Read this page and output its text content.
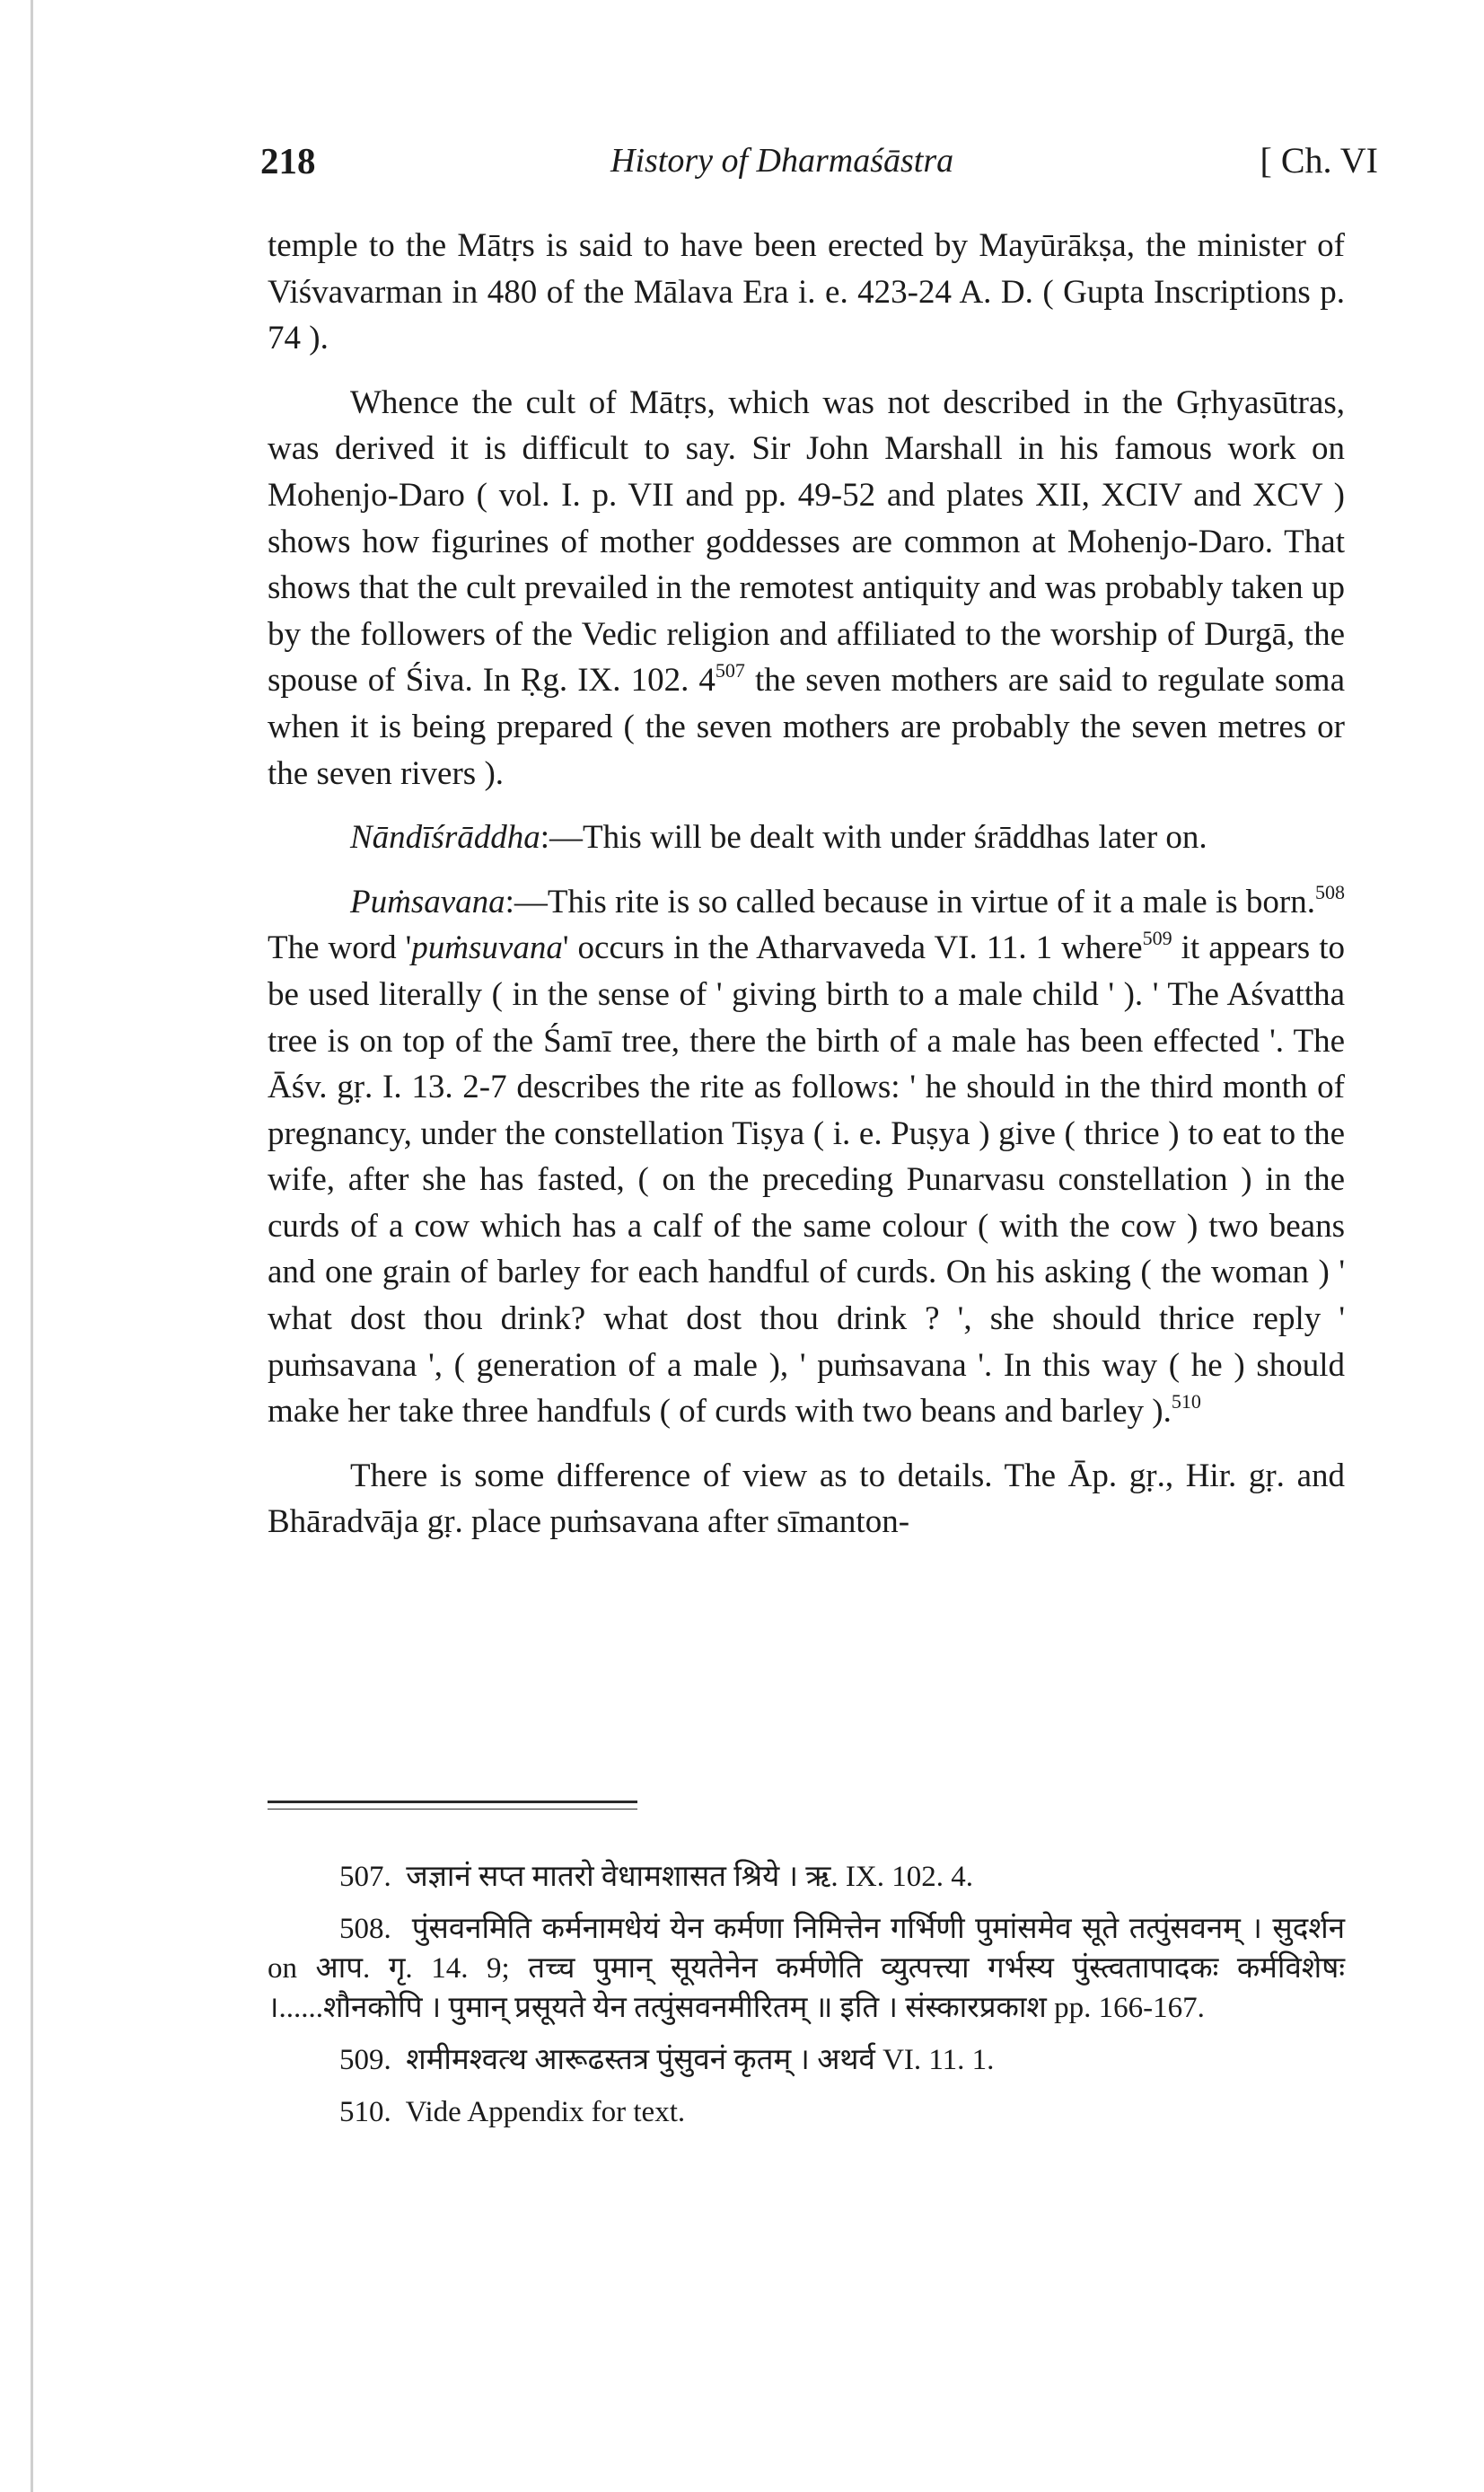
218	History of Dharmaśāstra	[ Ch. VI

temple to the Mātṛs is said to have been erected by Mayūrākṣa, the minister of Viśvavarman in 480 of the Mālava Era i. e. 423-24 A. D. ( Gupta Inscriptions p. 74 ).

Whence the cult of Mātṛs, which was not described in the Gṛhyasūtras, was derived it is difficult to say. Sir John Marshall in his famous work on Mohenjo-Daro ( vol. I. p. VII and pp. 49-52 and plates XII, XCIV and XCV ) shows how figurines of mother goddesses are common at Mohenjo-Daro. That shows that the cult prevailed in the remotest antiquity and was probably taken up by the followers of the Vedic religion and affiliated to the worship of Durgā, the spouse of Śiva. In Ṛg. IX. 102. $4^{507}$ the seven mothers are said to regulate soma when it is being prepared ( the seven mothers are probably the seven metres or the seven rivers ).

Nāndīśrāddha:—This will be dealt with under śrāddhas later on.

Puṁsavana:—This rite is so called because in virtue of it a male is born.$^{508}$ The word 'puṁsuvana' occurs in the Atharvaveda VI. 11. 1 where$^{509}$ it appears to be used literally ( in the sense of ' giving birth to a male child ' ). ' The Aśvattha tree is on top of the Śamī tree, there the birth of a male has been effected '. The Āśv. gṛ. I. 13. 2-7 describes the rite as follows: ' he should in the third month of pregnancy, under the constellation Tiṣya ( i. e. Puṣya ) give ( thrice ) to eat to the wife, after she has fasted, ( on the preceding Punarvasu constellation ) in the curds of a cow which has a calf of the same colour ( with the cow ) two beans and one grain of barley for each handful of curds. On his asking ( the woman ) ' what dost thou drink? what dost thou drink ? ', she should thrice reply ' puṁsavana ', ( generation of a male ), ' puṁsavana '. In this way ( he ) should make her take three handfuls ( of curds with two beans and barley ).$^{510}$

There is some difference of view as to details. The Āp. gṛ., Hir. gṛ. and Bhāradvāja gṛ. place puṁsavana after sīmanton-

507. जज्ञानं सप्त मातरो वेधामशासत श्रिये । ऋ. IX. 102. 4.
508. पुंसवनमिति कर्मनामधेयं येन कर्मणा निमित्तेन गर्भिणी पुमांसमेव सूते तत्पुंसवनम् । सुदर्शन on आप. गृ. 14. 9; तच्च पुमान् सूयतेनेन कर्मणेति व्युत्पत्त्या गर्भस्य पुंस्त्वतापादकः कर्मविशेषः ।......शौनकोपि । पुमान् प्रसूयते येन तत्पुंसवनमीरितम् ॥ इति । संस्कारप्रकाश pp. 166-167.
509. शमीमश्वत्थ आरूढस्तत्र पुंसुवनं कृतम् । अथर्व VI. 11. 1.
510. Vide Appendix for text.
